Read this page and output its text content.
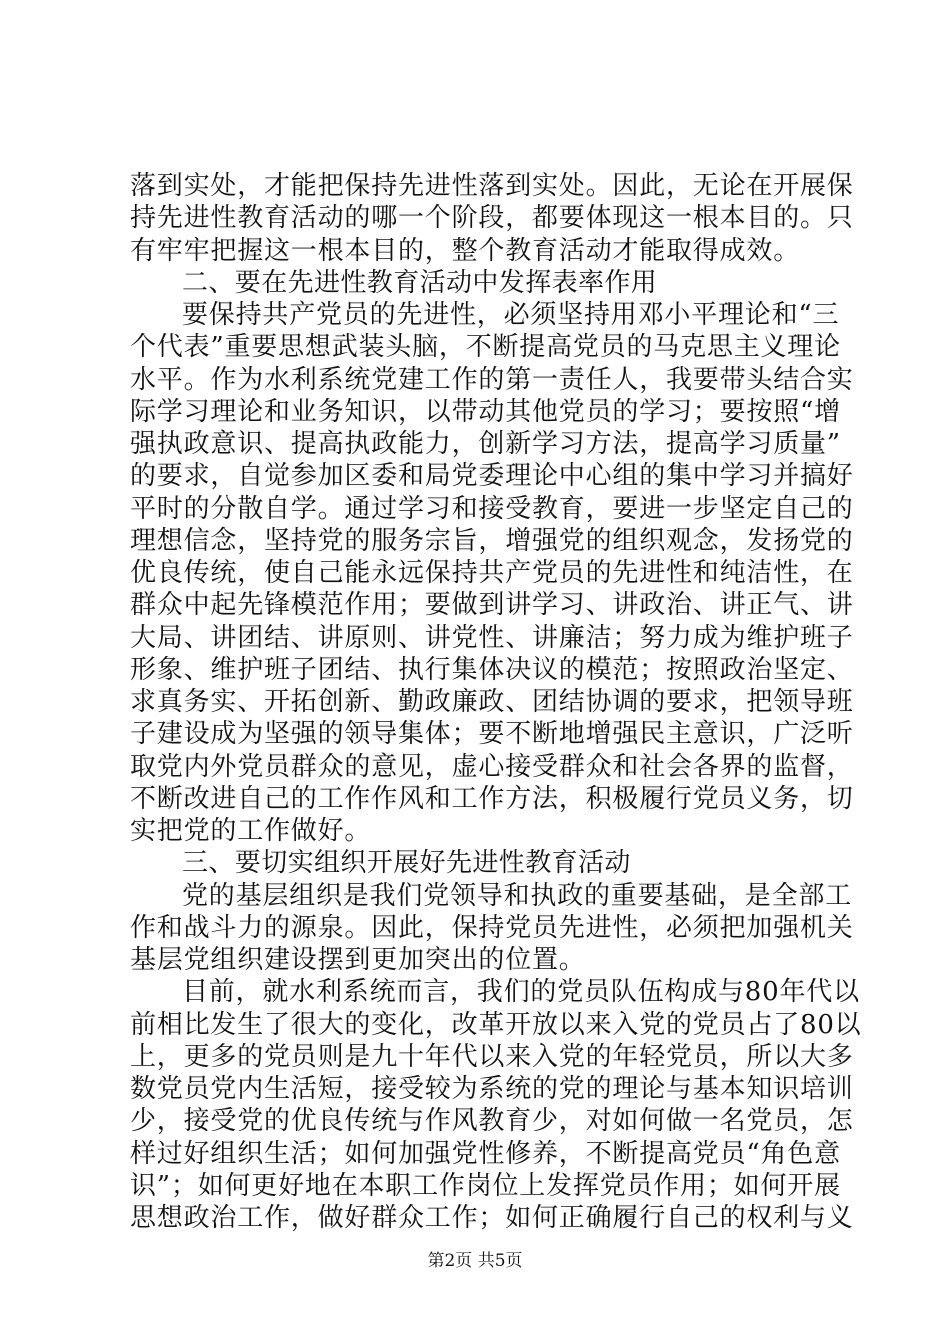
落到实处，才能把保持先进性落到实处。因此，无论在开展保
持先进性教育活动的哪一个阶段，都要体现这一根本目的。只
有牢牢把握这一根本目的，整个教育活动才能取得成效。
二、要在先进性教育活动中发挥表率作用
要保持共产党员的先进性，必须坚持用邓小平理论和“三
个代表”重要思想武装头脑，不断提高党员的马克思主义理论
水平。作为水利系统党建工作的第一责任人，我要带头结合实
际学习理论和业务知识，以带动其他党员的学习；要按照“增
强执政意识、提高执政能力，创新学习方法，提高学习质量”
的要求，自觉参加区委和局党委理论中心组的集中学习并搞好
平时的分散自学。通过学习和接受教育，要进一步坚定自己的
理想信念，坚持党的服务宗旨，增强党的组织观念，发扬党的
优良传统，使自己能永远保持共产党员的先进性和纯洁性，在
群众中起先锋模范作用；要做到讲学习、讲政治、讲正气、讲
大局、讲团结、讲原则、讲党性、讲廉洁；努力成为维护班子
形象、维护班子团结、执行集体决议的模范；按照政治坚定、
求真务实、开拓创新、勤政廉政、团结协调的要求，把领导班
子建设成为坚强的领导集体；要不断地增强民主意识，广泛听
取党内外党员群众的意见，虚心接受群众和社会各界的监督，
不断改进自己的工作作风和工作方法，积极履行党员义务，切
实把党的工作做好。
三、要切实组织开展好先进性教育活动
党的基层组织是我们党领导和执政的重要基础，是全部工
作和战斗力的源泉。因此，保持党员先进性，必须把加强机关
基层党组织建设摆到更加突出的位置。
目前，就水利系统而言，我们的党员队伍构成与80年代以
前相比发生了很大的变化，改革开放以来入党的党员占了80以
上，更多的党员则是九十年代以来入党的年轻党员，所以大多
数党员党内生活短，接受较为系统的党的理论与基本知识培训
少，接受党的优良传统与作风教育少，对如何做一名党员，怎
样过好组织生活；如何加强党性修养，不断提高党员“角色意
识”；如何更好地在本职工作岗位上发挥党员作用；如何开展
思想政治工作，做好群众工作；如何正确履行自己的权利与义
第2页 共5页
